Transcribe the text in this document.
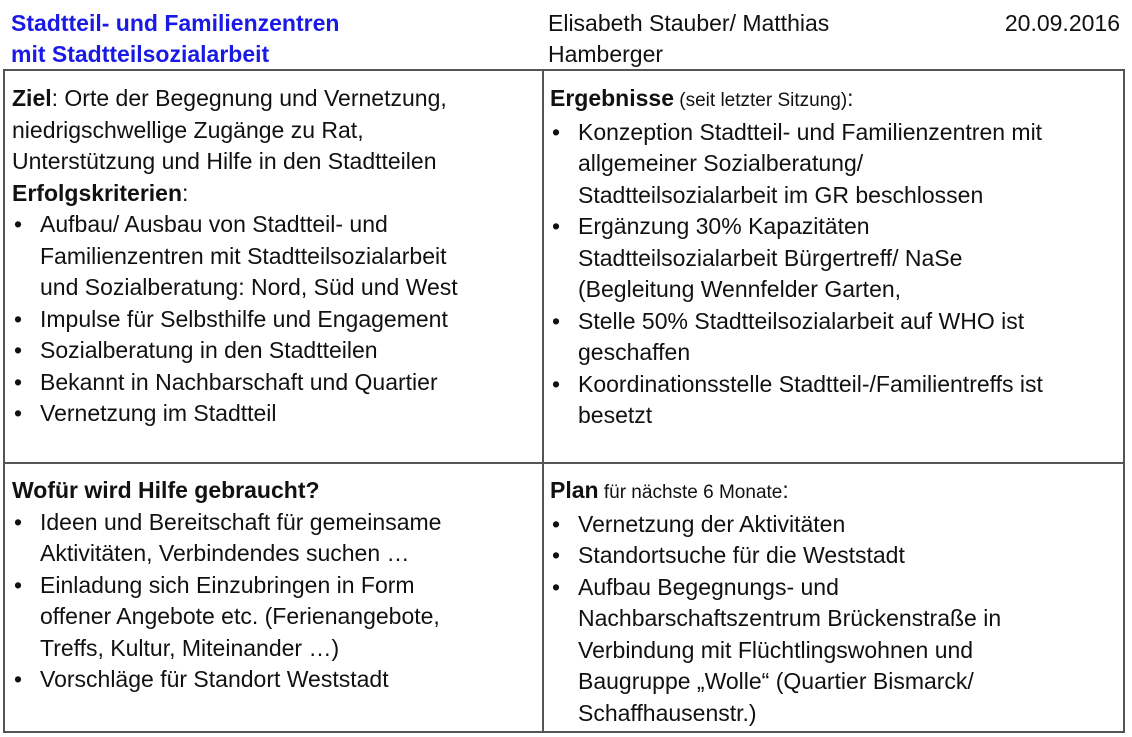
Stadtteil- und Familienzentren
mit Stadtteilsozialarbeit
Elisabeth Stauber/ Matthias
Hamberger
20.09.2016
Ziel: Orte der Begegnung und Vernetzung,
niedrigschwellige Zugänge zu Rat,
Unterstützung und Hilfe in den Stadtteilen
Erfolgskriterien:
• Aufbau/ Ausbau von Stadtteil- und
Familienzentren mit Stadtteilsozialarbeit
und Sozialberatung: Nord, Süd und West
• Impulse für Selbsthilfe und Engagement
• Sozialberatung in den Stadtteilen
• Bekannt in Nachbarschaft und Quartier
• Vernetzung im Stadtteil
Ergebnisse (seit letzter Sitzung):
• Konzeption Stadtteil- und Familienzentren mit
allgemeiner Sozialberatung/
Stadtteilsozialarbeit im GR beschlossen
• Ergänzung 30% Kapazitäten
Stadtteilsozialarbeit Bürgertreff/ NaSe
(Begleitung Wennfelder Garten,
• Stelle 50% Stadtteilsozialarbeit auf WHO ist
geschaffen
• Koordinationsstelle Stadtteil-/Familientreffs ist
besetzt
Wofür wird Hilfe gebraucht?
• Ideen und Bereitschaft für gemeinsame
Aktivitäten, Verbindendes suchen …
• Einladung sich Einzubringen in Form
offener Angebote etc. (Ferienangebote,
Treffs, Kultur, Miteinander …)
• Vorschläge für Standort Weststadt
Plan für nächste 6 Monate:
• Vernetzung der Aktivitäten
• Standortsuche für die Weststadt
• Aufbau Begegnungs- und
Nachbarschaftszentrum Brückenstraße in
Verbindung mit Flüchtlingswohnen und
Baugruppe „Wolle“ (Quartier Bismarck/
Schaffhausenstr.)
